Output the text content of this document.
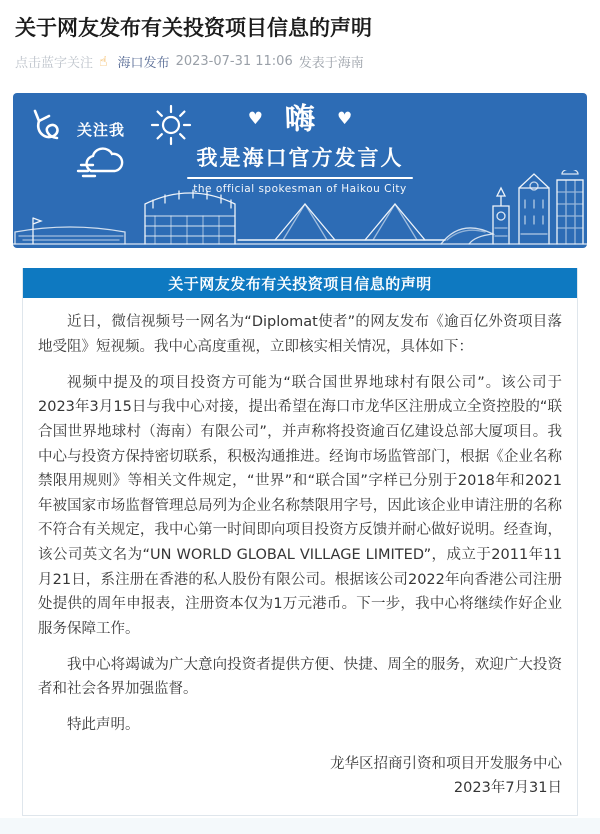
关于网友发布有关投资项目信息的声明
点击蓝字关注 ☝ 海口发布 2023-07-31 11:06 发表于海南
关注我
♥ 嗨 ♥
我是海口官方发言人
the official spokesman of Haikou City
关于网友发布有关投资项目信息的声明

近日，微信视频号一网名为“Diplomat使者”的网友发布《逾百亿外资项目落地受阻》短视频。我中心高度重视，立即核实相关情况，具体如下：

视频中提及的项目投资方可能为“联合国世界地球村有限公司”。该公司于2023年3月15日与我中心对接，提出希望在海口市龙华区注册成立全资控股的“联合国世界地球村（海南）有限公司”，并声称将投资逾百亿建设总部大厦项目。我中心与投资方保持密切联系，积极沟通推进。经询市场监管部门，根据《企业名称禁限用规则》等相关文件规定，“世界”和“联合国”字样已分别于2018年和2021年被国家市场监督管理总局列为企业名称禁限用字号，因此该企业申请注册的名称不符合有关规定，我中心第一时间即向项目投资方反馈并耐心做好说明。经查询，该公司英文名为“UN WORLD GLOBAL VILLAGE LIMITED”，成立于2011年11月21日，系注册在香港的私人股份有限公司。根据该公司2022年向香港公司注册处提供的周年申报表，注册资本仅为1万元港币。下一步，我中心将继续作好企业服务保障工作。

我中心将竭诚为广大意向投资者提供方便、快捷、周全的服务，欢迎广大投资者和社会各界加强监督。

特此声明。

龙华区招商引资和项目开发服务中心
2023年7月31日
